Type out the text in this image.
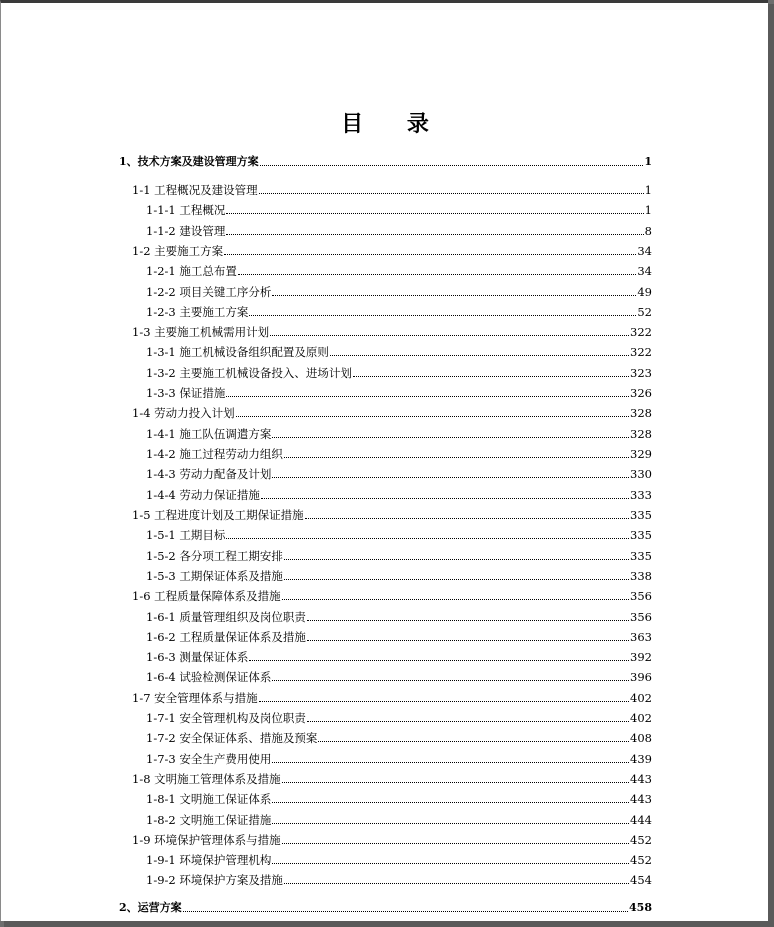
目 录
1、技术方案及建设管理方案	1
1-1 工程概况及建设管理	1
1-1-1 工程概况	1
1-1-2 建设管理	8
1-2 主要施工方案	34
1-2-1 施工总布置	34
1-2-2 项目关键工序分析	49
1-2-3 主要施工方案	52
1-3 主要施工机械需用计划	322
1-3-1 施工机械设备组织配置及原则	322
1-3-2 主要施工机械设备投入、进场计划	323
1-3-3 保证措施	326
1-4 劳动力投入计划	328
1-4-1 施工队伍调遣方案	328
1-4-2 施工过程劳动力组织	329
1-4-3 劳动力配备及计划	330
1-4-4 劳动力保证措施	333
1-5 工程进度计划及工期保证措施	335
1-5-1 工期目标	335
1-5-2 各分项工程工期安排	335
1-5-3 工期保证体系及措施	338
1-6 工程质量保障体系及措施	356
1-6-1 质量管理组织及岗位职责	356
1-6-2 工程质量保证体系及措施	363
1-6-3 测量保证体系	392
1-6-4 试验检测保证体系	396
1-7 安全管理体系与措施	402
1-7-1 安全管理机构及岗位职责	402
1-7-2 安全保证体系、措施及预案	408
1-7-3 安全生产费用使用	439
1-8 文明施工管理体系及措施	443
1-8-1 文明施工保证体系	443
1-8-2 文明施工保证措施	444
1-9 环境保护管理体系与措施	452
1-9-1 环境保护管理机构	452
1-9-2 环境保护方案及措施	454
2、运营方案	458
